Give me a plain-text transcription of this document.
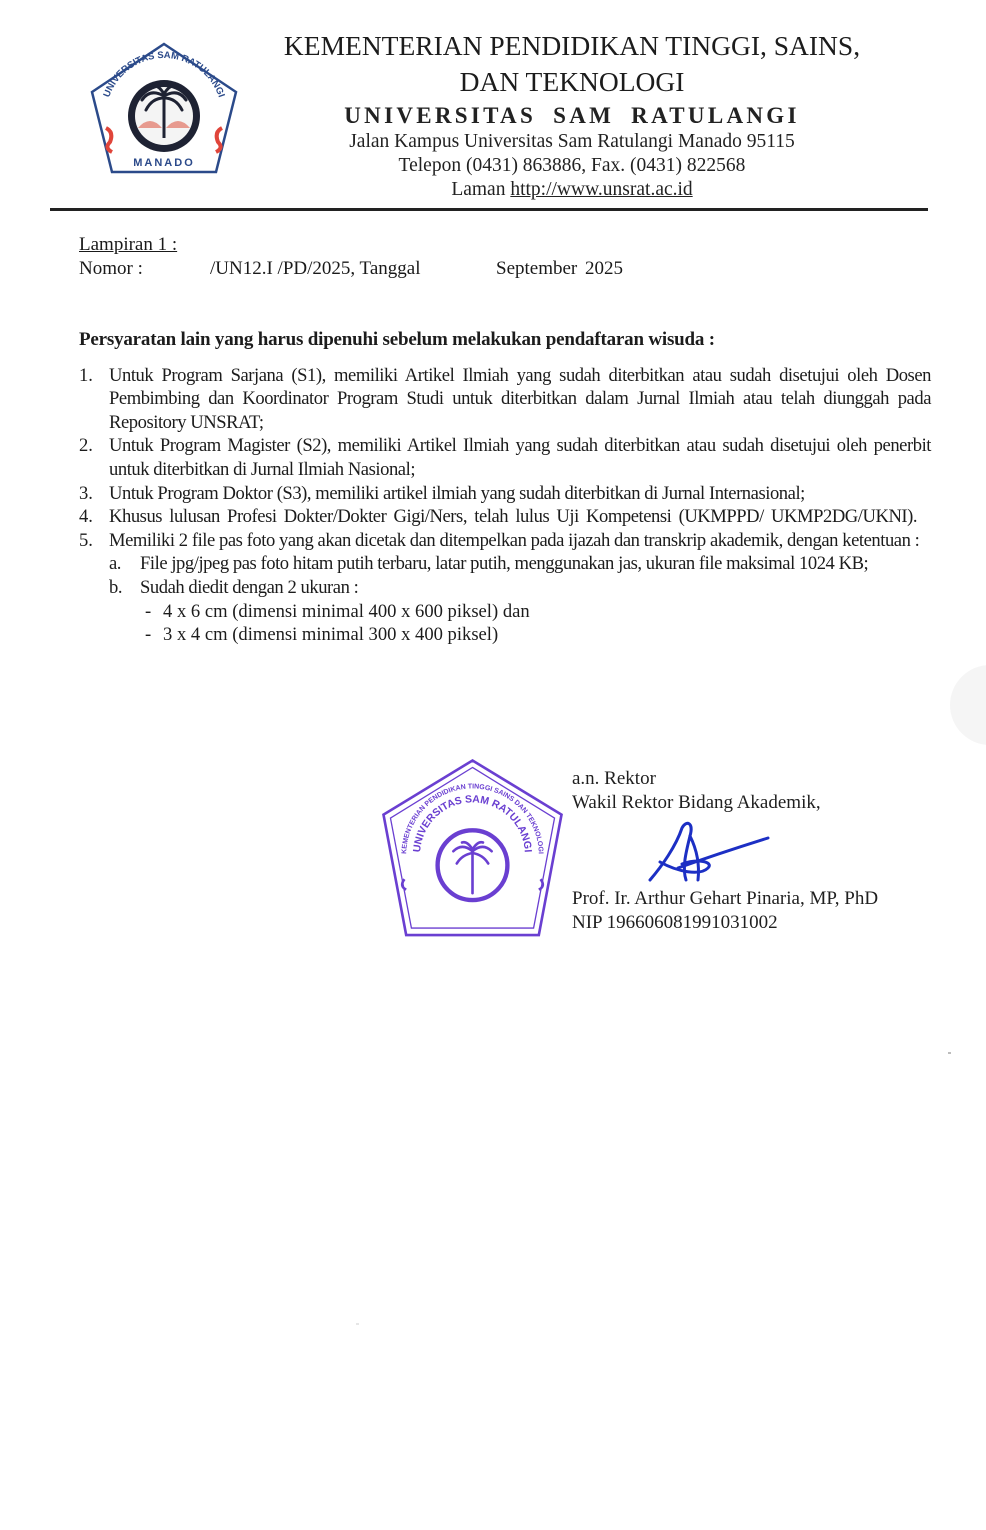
UNIVERSITAS SAM RATULANGI
MANADO
KEMENTERIAN PENDIDIKAN TINGGI, SAINS,
DAN TEKNOLOGI
UNIVERSITAS SAM RATULANGI
Jalan Kampus Universitas Sam Ratulangi Manado 95115
Telepon (0431) 863886, Fax. (0431) 822568
Laman http://www.unsrat.ac.id
Lampiran 1 :
Nomor :	/UN12.I /PD/2025, Tanggal	September 2025
Persyaratan lain yang harus dipenuhi sebelum melakukan pendaftaran wisuda :
1. Untuk Program Sarjana (S1), memiliki Artikel Ilmiah yang sudah diterbitkan atau sudah disetujui oleh Dosen Pembimbing dan Koordinator Program Studi untuk diterbitkan dalam Jurnal Ilmiah atau telah diunggah pada Repository UNSRAT;
2. Untuk Program Magister (S2), memiliki Artikel Ilmiah yang sudah diterbitkan atau sudah disetujui oleh penerbit untuk diterbitkan di Jurnal Ilmiah Nasional;
3. Untuk Program Doktor (S3), memiliki artikel ilmiah yang sudah diterbitkan di Jurnal Internasional;
4. Khusus lulusan Profesi Dokter/Dokter Gigi/Ners, telah lulus Uji Kompetensi (UKMPPD/ UKMP2DG/UKNI).
5. Memiliki 2 file pas foto yang akan dicetak dan ditempelkan pada ijazah dan transkrip akademik, dengan ketentuan :
a.	File jpg/jpeg pas foto hitam putih terbaru, latar putih, menggunakan jas, ukuran file maksimal 1024 KB;
b. Sudah diedit dengan 2 ukuran :
- 4 x 6 cm (dimensi minimal 400 x 600 piksel) dan
- 3 x 4 cm (dimensi minimal 300 x 400 piksel)
KEMENTERIAN PENDIDIKAN TINGGI SAINS DAN TEKNOLOGI
UNIVERSITAS SAM RATULANGI
a.n. Rektor
Wakil Rektor Bidang Akademik,
Prof. Ir. Arthur Gehart Pinaria, MP, PhD
NIP 196606081991031002
